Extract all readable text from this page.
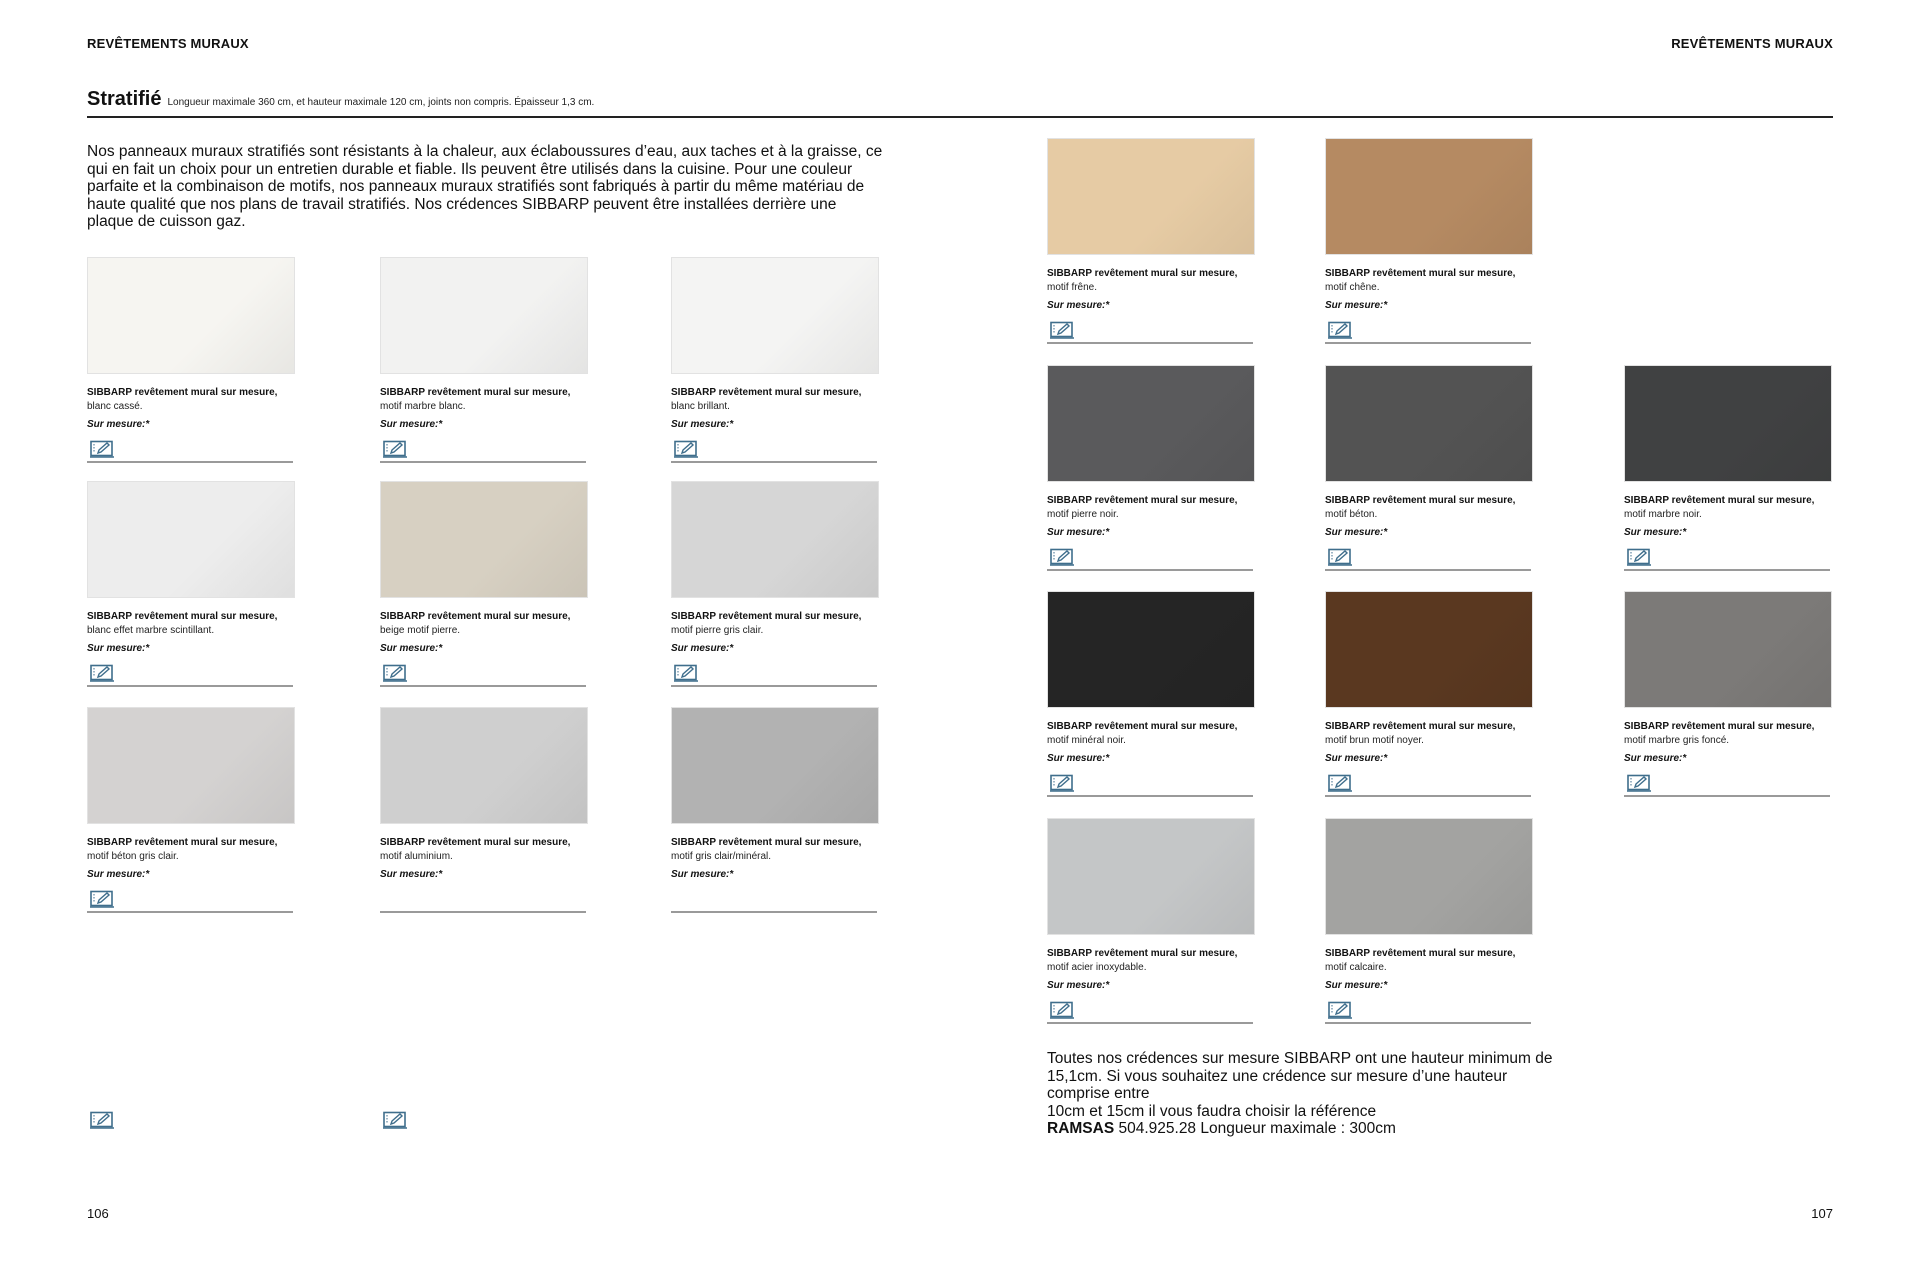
REVÊTEMENTS MURAUX	REVÊTEMENTS MURAUX
Stratifié Longueur maximale 360 cm, et hauteur maximale 120 cm, joints non compris. Épaisseur 1,3 cm.
Nos panneaux muraux stratifiés sont résistants à la chaleur, aux éclaboussures d’eau, aux taches et à la graisse, ce qui en fait un choix pour un entretien durable et fiable. Ils peuvent être utilisés dans la cuisine. Pour une couleur parfaite et la combinaison de motifs, nos panneaux muraux stratifiés sont fabriqués à partir du même matériau de haute qualité que nos plans de travail stratifiés. Nos crédences SIBBARP peuvent être installées derrière une plaque de cuisson gaz.
SIBBARP revêtement mural sur mesure,
blanc cassé.
Sur mesure:*
SIBBARP revêtement mural sur mesure,
motif marbre blanc.
Sur mesure:*
SIBBARP revêtement mural sur mesure,
blanc brillant.
Sur mesure:*
SIBBARP revêtement mural sur mesure,
blanc effet marbre scintillant.
Sur mesure:*
SIBBARP revêtement mural sur mesure,
beige motif pierre.
Sur mesure:*
SIBBARP revêtement mural sur mesure,
motif pierre gris clair.
Sur mesure:*
SIBBARP revêtement mural sur mesure,
motif béton gris clair.
Sur mesure:*
SIBBARP revêtement mural sur mesure,
motif aluminium.
Sur mesure:*
SIBBARP revêtement mural sur mesure,
motif gris clair/minéral.
Sur mesure:*
SIBBARP revêtement mural sur mesure,
motif frêne.
Sur mesure:*
SIBBARP revêtement mural sur mesure,
motif chêne.
Sur mesure:*
SIBBARP revêtement mural sur mesure,
motif pierre noir.
Sur mesure:*
SIBBARP revêtement mural sur mesure,
motif béton.
Sur mesure:*
SIBBARP revêtement mural sur mesure,
motif marbre noir.
Sur mesure:*
SIBBARP revêtement mural sur mesure,
motif minéral noir.
Sur mesure:*
SIBBARP revêtement mural sur mesure,
motif brun motif noyer.
Sur mesure:*
SIBBARP revêtement mural sur mesure,
motif marbre gris foncé.
Sur mesure:*
SIBBARP revêtement mural sur mesure,
motif acier inoxydable.
Sur mesure:*
SIBBARP revêtement mural sur mesure,
motif calcaire.
Sur mesure:*
Toutes nos crédences sur mesure SIBBARP ont une hauteur minimum de 15,1cm. Si vous souhaitez une crédence sur mesure d’une hauteur comprise entre
10cm et 15cm il vous faudra choisir la référence
RAMSAS 504.925.28 Longueur maximale : 300cm
106	107
